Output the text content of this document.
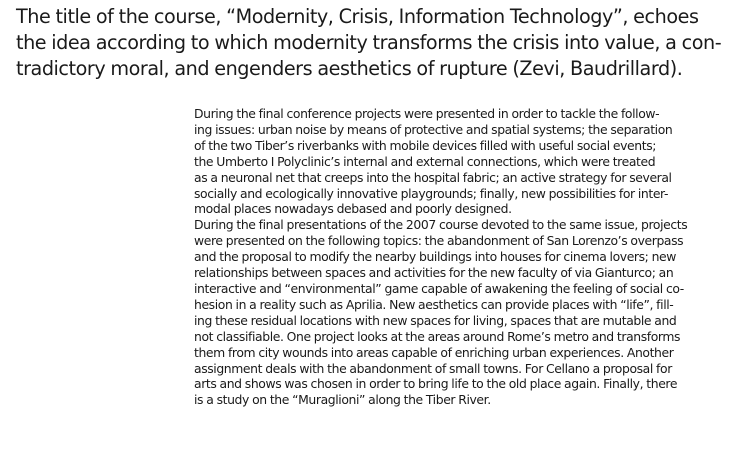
The title of the course, “Modernity, Crisis, Information Technology”, echoes
the idea according to which modernity transforms the crisis into value, a con-
tradictory moral, and engenders aesthetics of rupture (Zevi, Baudrillard).

During the final conference projects were presented in order to tackle the follow-
ing issues: urban noise by means of protective and spatial systems; the separation
of the two Tiber’s riverbanks with mobile devices filled with useful social events;
the Umberto I Polyclinic’s internal and external connections, which were treated
as a neuronal net that creeps into the hospital fabric; an active strategy for several
socially and ecologically innovative playgrounds; finally, new possibilities for inter-
modal places nowadays debased and poorly designed.
During the final presentations of the 2007 course devoted to the same issue, projects
were presented on the following topics: the abandonment of San Lorenzo’s overpass
and the proposal to modify the nearby buildings into houses for cinema lovers; new
relationships between spaces and activities for the new faculty of via Gianturco; an
interactive and “environmental” game capable of awakening the feeling of social co-
hesion in a reality such as Aprilia. New aesthetics can provide places with “life”, fill-
ing these residual locations with new spaces for living, spaces that are mutable and
not classifiable. One project looks at the areas around Rome’s metro and transforms
them from city wounds into areas capable of enriching urban experiences. Another
assignment deals with the abandonment of small towns. For Cellano a proposal for
arts and shows was chosen in order to bring life to the old place again. Finally, there
is a study on the “Muraglioni” along the Tiber River.
